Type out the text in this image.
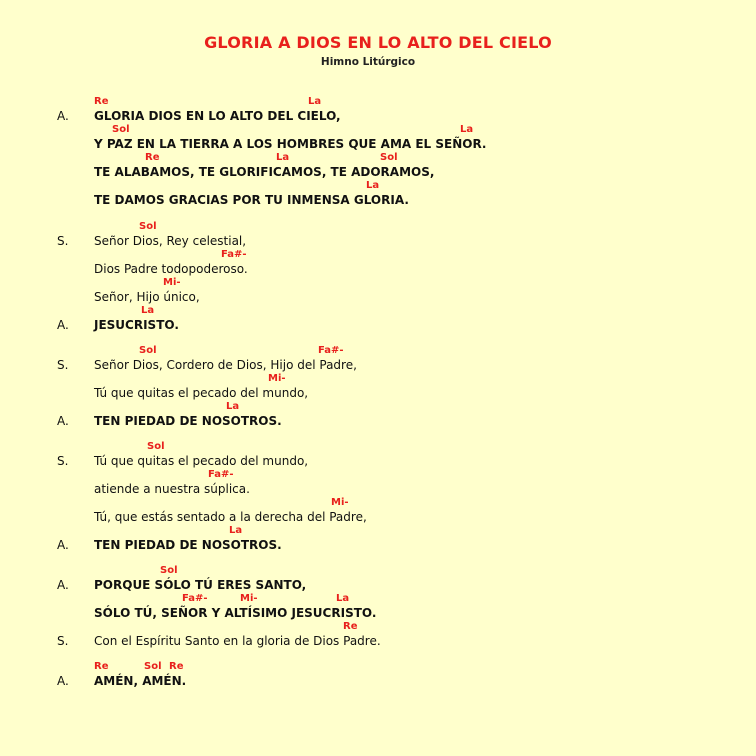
GLORIA A DIOS EN LO ALTO DEL CIELO
Himno Litúrgico
Re	La
A. GLORIA DIOS EN LO ALTO DEL CIELO,
Sol	La
Y PAZ EN LA TIERRA A LOS HOMBRES QUE AMA EL SEÑOR.
Re	La	Sol
TE ALABAMOS, TE GLORIFICAMOS, TE ADORAMOS,
La
TE DAMOS GRACIAS POR TU INMENSA GLORIA.
Sol
S. Señor Dios, Rey celestial,
Fa#-
Dios Padre todopoderoso.
Mi-
Señor, Hijo único,
La
A. JESUCRISTO.
Sol	Fa#-
S. Señor Dios, Cordero de Dios, Hijo del Padre,
Mi-
Tú que quitas el pecado del mundo,
La
A. TEN PIEDAD DE NOSOTROS.
Sol
S. Tú que quitas el pecado del mundo,
Fa#-
atiende a nuestra súplica.
Mi-
Tú, que estás sentado a la derecha del Padre,
La
A. TEN PIEDAD DE NOSOTROS.
Sol
A. PORQUE SÓLO TÚ ERES SANTO,
Fa#-	Mi-	La
SÓLO TÚ, SEÑOR Y ALTÍSIMO JESUCRISTO.
Re
S. Con el Espíritu Santo en la gloria de Dios Padre.
Re	Sol Re
A. AMÉN, AMÉN.
